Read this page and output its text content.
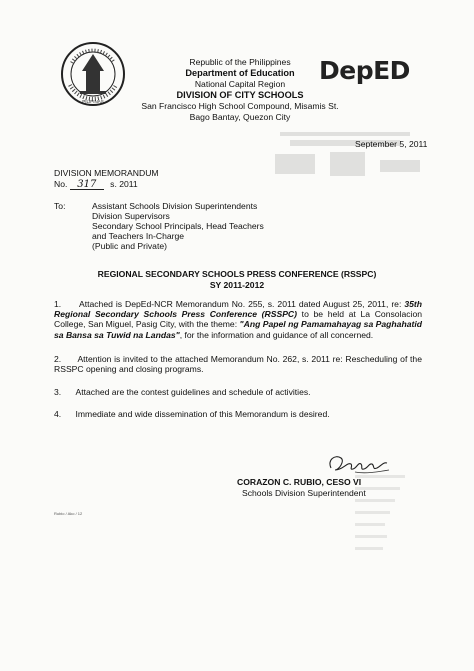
PILIPINAS
Republic of the Philippines
Department of Education
National Capital Region
DIVISION OF CITY SCHOOLS
San Francisco High School Compound, Misamis St.
Bago Bantay, Quezon City
DepED
September 5, 2011
DIVISION MEMORANDUM
No. 317 s. 2011
To:	Assistant Schools Division Superintendents
Division Supervisors
Secondary School Principals, Head Teachers
and Teachers In-Charge
(Public and Private)
REGIONAL SECONDARY SCHOOLS PRESS CONFERENCE (RSSPC)
SY 2011-2012
1. Attached is DepEd-NCR Memorandum No. 255, s. 2011 dated August 25, 2011, re: 35th Regional Secondary Schools Press Conference (RSSPC) to be held at La Consolacion College, San Miguel, Pasig City, with the theme: "Ang Papel ng Pamamahayag sa Paghahatid sa Bansa sa Tuwid na Landas", for the information and guidance of all concerned.
2. Attention is invited to the attached Memorandum No. 262, s. 2011 re: Rescheduling of the RSSPC opening and closing programs.
3. Attached are the contest guidelines and schedule of activities.
4. Immediate and wide dissemination of this Memorandum is desired.
CORAZON C. RUBIO, CESO VI
Schools Division Superintendent
Rubio / Ako / 12
